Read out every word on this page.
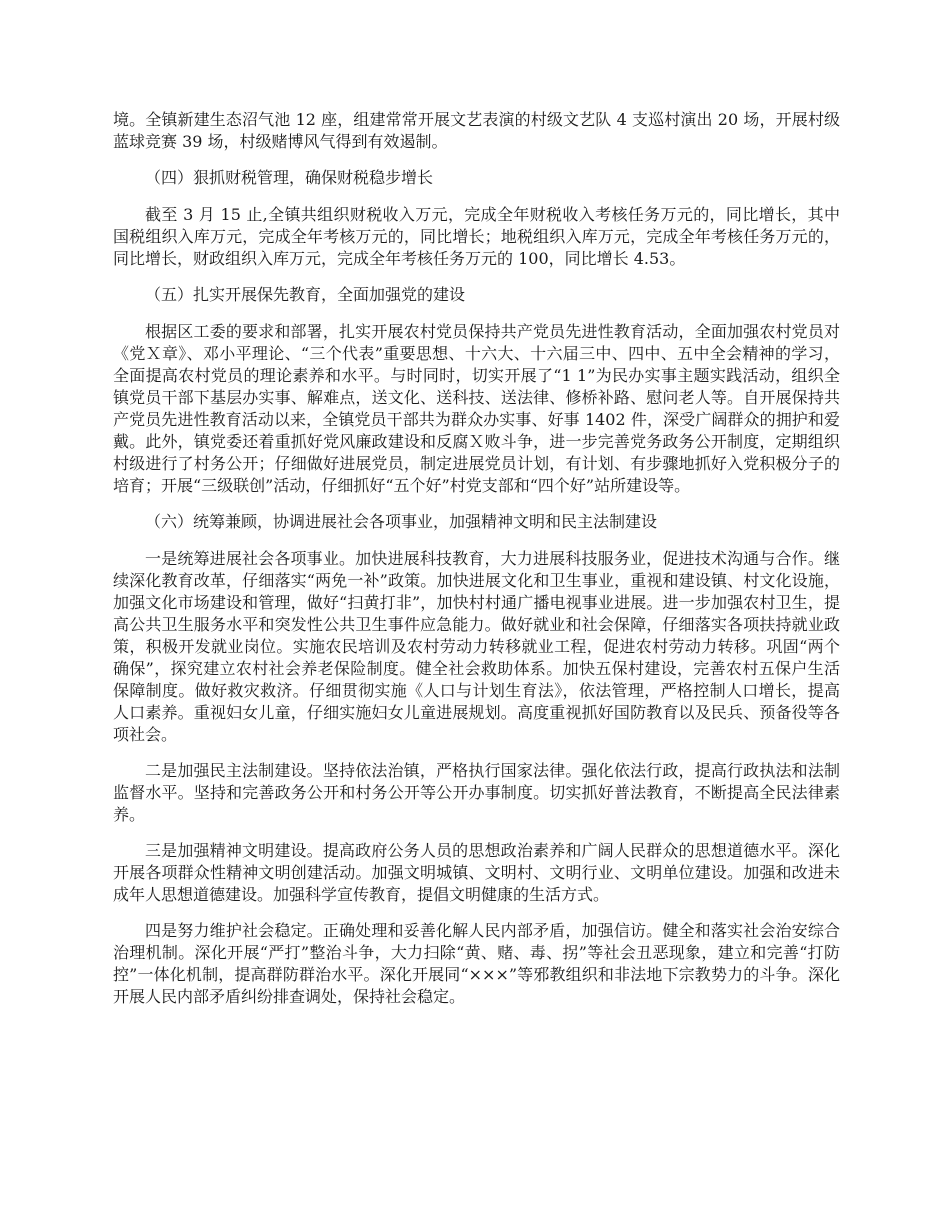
境。全镇新建生态沼气池 12 座，组建常常开展文艺表演的村级文艺队 4 支巡村演出 20 场，开展村级蓝球竞赛 39 场，村级赌博风气得到有效遏制。

（四）狠抓财税管理，确保财税稳步增长

截至 3 月 15 止,全镇共组织财税收入万元，完成全年财税收入考核任务万元的，同比增长，其中国税组织入库万元，完成全年考核万元的，同比增长；地税组织入库万元，完成全年考核任务万元的，同比增长，财政组织入库万元，完成全年考核任务万元的 100，同比增长 4.53。

（五）扎实开展保先教育，全面加强党的建设

根据区工委的要求和部署，扎实开展农村党员保持共产党员先进性教育活动，全面加强农村党员对《党Ｘ章》、邓小平理论、“三个代表”重要思想、十六大、十六届三中、四中、五中全会精神的学习，全面提高农村党员的理论素养和水平。与时同时，切实开展了“1 1”为民办实事主题实践活动，组织全镇党员干部下基层办实事、解难点，送文化、送科技、送法律、修桥补路、慰问老人等。自开展保持共产党员先进性教育活动以来，全镇党员干部共为群众办实事、好事 1402 件，深受广阔群众的拥护和爱戴。此外，镇党委还着重抓好党风廉政建设和反腐Ｘ败斗争，进一步完善党务政务公开制度，定期组织村级进行了村务公开；仔细做好进展党员，制定进展党员计划，有计划、有步骤地抓好入党积极分子的培育；开展“三级联创”活动，仔细抓好“五个好”村党支部和“四个好”站所建设等。

（六）统筹兼顾，协调进展社会各项事业，加强精神文明和民主法制建设

一是统筹进展社会各项事业。加快进展科技教育，大力进展科技服务业，促进技术沟通与合作。继续深化教育改革，仔细落实“两免一补”政策。加快进展文化和卫生事业，重视和建设镇、村文化设施，加强文化市场建设和管理，做好“扫黄打非”，加快村村通广播电视事业进展。进一步加强农村卫生，提高公共卫生服务水平和突发性公共卫生事件应急能力。做好就业和社会保障，仔细落实各项扶持就业政策，积极开发就业岗位。实施农民培训及农村劳动力转移就业工程，促进农村劳动力转移。巩固“两个确保”，探究建立农村社会养老保险制度。健全社会救助体系。加快五保村建设，完善农村五保户生活保障制度。做好救灾救济。仔细贯彻实施《人口与计划生育法》，依法管理，严格控制人口增长，提高人口素养。重视妇女儿童，仔细实施妇女儿童进展规划。高度重视抓好国防教育以及民兵、预备役等各项社会。

二是加强民主法制建设。坚持依法治镇，严格执行国家法律。强化依法行政，提高行政执法和法制监督水平。坚持和完善政务公开和村务公开等公开办事制度。切实抓好普法教育，不断提高全民法律素养。

三是加强精神文明建设。提高政府公务人员的思想政治素养和广阔人民群众的思想道德水平。深化开展各项群众性精神文明创建活动。加强文明城镇、文明村、文明行业、文明单位建设。加强和改进未成年人思想道德建设。加强科学宣传教育，提倡文明健康的生活方式。

四是努力维护社会稳定。正确处理和妥善化解人民内部矛盾，加强信访。健全和落实社会治安综合治理机制。深化开展“严打”整治斗争，大力扫除“黄、赌、毒、拐”等社会丑恶现象，建立和完善“打防控”一体化机制，提高群防群治水平。深化开展同“×××”等邪教组织和非法地下宗教势力的斗争。深化开展人民内部矛盾纠纷排查调处，保持社会稳定。
